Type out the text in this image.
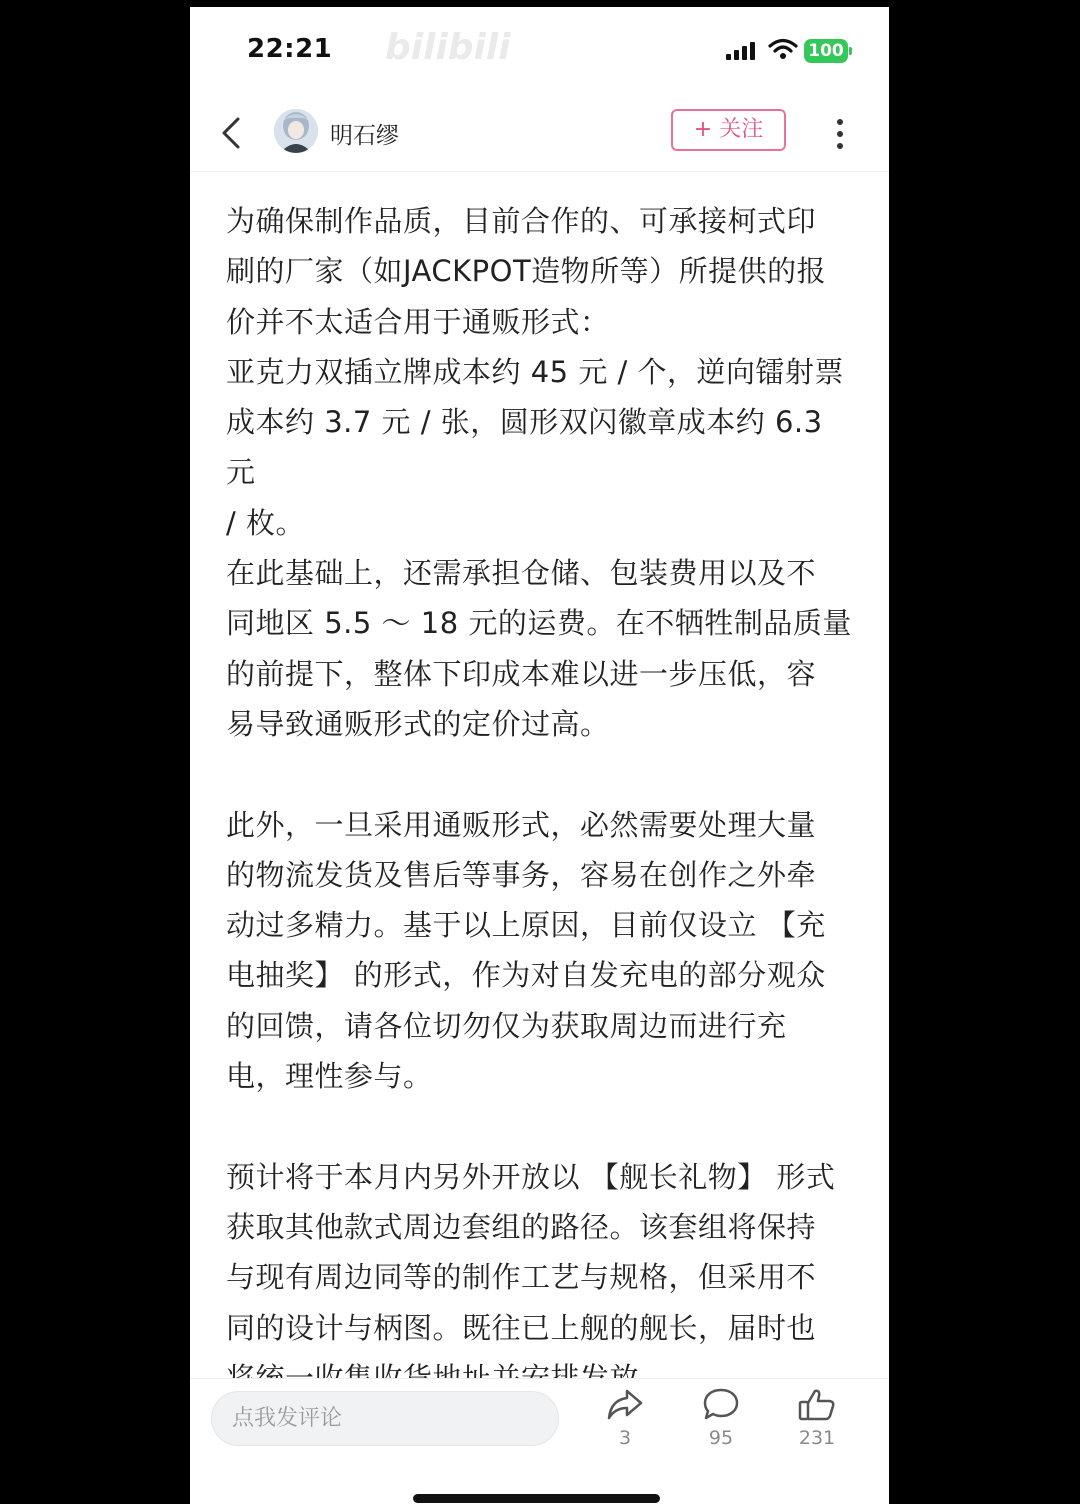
22:21 bilibili	100
明石缪	+ 关注

为确保制作品质，目前合作的、可承接柯式印
刷的厂家（如JACKPOT造物所等）所提供的报
价并不太适合用于通贩形式：
亚克力双插立牌成本约 45 元 / 个，逆向镭射票
成本约 3.7 元 / 张，圆形双闪徽章成本约 6.3 元
/ 枚。
在此基础上，还需承担仓储、包装费用以及不
同地区 5.5 ～ 18 元的运费。在不牺牲制品质量
的前提下，整体下印成本难以进一步压低，容
易导致通贩形式的定价过高。

此外，一旦采用通贩形式，必然需要处理大量
的物流发货及售后等事务，容易在创作之外牵
动过多精力。基于以上原因，目前仅设立 【充
电抽奖】 的形式，作为对自发充电的部分观众
的回馈，请各位切勿仅为获取周边而进行充
电，理性参与。

预计将于本月内另外开放以 【舰长礼物】 形式
获取其他款式周边套组的路径。该套组将保持
与现有周边同等的制作工艺与规格，但采用不
同的设计与柄图。既往已上舰的舰长，届时也

点我发评论
3	95	231
